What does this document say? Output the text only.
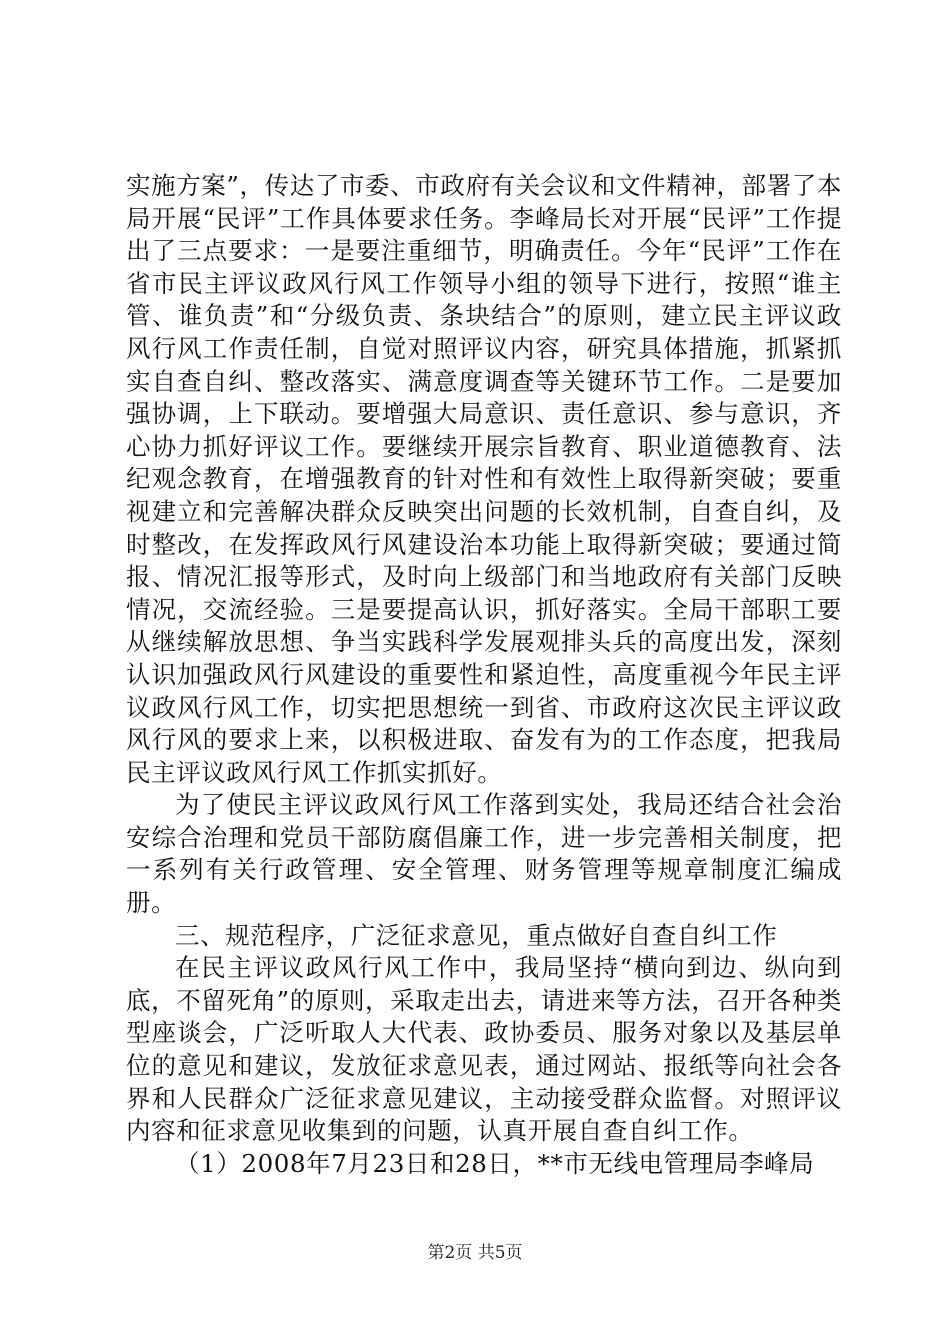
实施方案”，传达了市委、市政府有关会议和文件精神，部署了本局开展“民评”工作具体要求任务。李峰局长对开展“民评”工作提出了三点要求：一是要注重细节，明确责任。今年“民评”工作在省市民主评议政风行风工作领导小组的领导下进行，按照“谁主管、谁负责”和“分级负责、条块结合”的原则，建立民主评议政风行风工作责任制，自觉对照评议内容，研究具体措施，抓紧抓实自查自纠、整改落实、满意度调查等关键环节工作。二是要加强协调，上下联动。要增强大局意识、责任意识、参与意识，齐心协力抓好评议工作。要继续开展宗旨教育、职业道德教育、法纪观念教育，在增强教育的针对性和有效性上取得新突破；要重视建立和完善解决群众反映突出问题的长效机制，自查自纠，及时整改，在发挥政风行风建设治本功能上取得新突破；要通过简报、情况汇报等形式，及时向上级部门和当地政府有关部门反映情况，交流经验。三是要提高认识，抓好落实。全局干部职工要从继续解放思想、争当实践科学发展观排头兵的高度出发，深刻认识加强政风行风建设的重要性和紧迫性，高度重视今年民主评议政风行风工作，切实把思想统一到省、市政府这次民主评议政风行风的要求上来，以积极进取、奋发有为的工作态度，把我局民主评议政风行风工作抓实抓好。

为了使民主评议政风行风工作落到实处，我局还结合社会治安综合治理和党员干部防腐倡廉工作，进一步完善相关制度，把一系列有关行政管理、安全管理、财务管理等规章制度汇编成册。

三、规范程序，广泛征求意见，重点做好自查自纠工作

在民主评议政风行风工作中，我局坚持“横向到边、纵向到底，不留死角”的原则，采取走出去，请进来等方法，召开各种类型座谈会，广泛听取人大代表、政协委员、服务对象以及基层单位的意见和建议，发放征求意见表，通过网站、报纸等向社会各界和人民群众广泛征求意见建议，主动接受群众监督。对照评议内容和征求意见收集到的问题，认真开展自查自纠工作。

（1）2008年7月23日和28日，**市无线电管理局李峰局

第2页 共5页
